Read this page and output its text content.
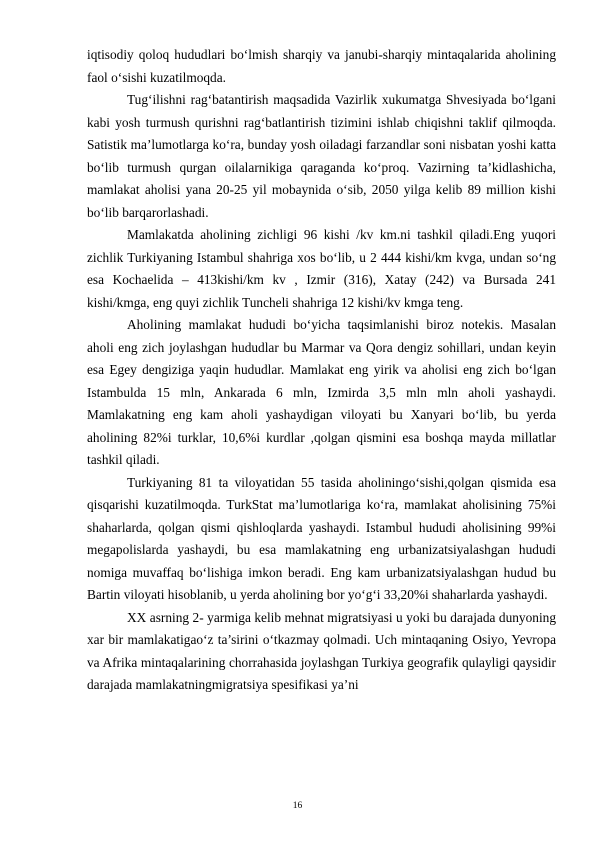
iqtisodiy qoloq hududlari bo‘lmish sharqiy va janubi-sharqiy mintaqalarida aholining faol o‘sishi kuzatilmoqda.

Tug‘ilishni rag‘batantirish maqsadida Vazirlik xukumatga Shvesiyada bo‘lgani kabi yosh turmush qurishni rag‘batlantirish tizimini ishlab chiqishni taklif qilmoqda. Satistik ma’lumotlarga ko‘ra, bunday yosh oiladagi farzandlar soni nisbatan yoshi katta bo‘lib turmush qurgan oilalarnikiga qaraganda ko‘proq. Vazirning ta’kidlashicha, mamlakat aholisi yana 20-25 yil mobaynida o‘sib, 2050 yilga kelib 89 million kishi bo‘lib barqarorlashadi.

Mamlakatda aholining zichligi 96 kishi /kv km.ni tashkil qiladi.Eng yuqori zichlik Turkiyaning Istambul shahriga xos bo‘lib, u 2 444 kishi/km kvga, undan so‘ng esa Kochaelida – 413kishi/km kv , Izmir (316), Xatay (242) va Bursada 241 kishi/kmga, eng quyi zichlik Tuncheli shahriga 12 kishi/kv kmga teng.

Aholining mamlakat hududi bo‘yicha taqsimlanishi biroz notekis. Masalan aholi eng zich joylashgan hududlar bu Marmar va Qora dengiz sohillari, undan keyin esa Egey dengiziga yaqin hududlar. Mamlakat eng yirik va aholisi eng zich bo‘lgan Istambulda 15 mln, Ankarada 6 mln, Izmirda 3,5 mln mln aholi yashaydi. Mamlakatning eng kam aholi yashaydigan viloyati bu Xanyari bo‘lib, bu yerda aholining 82%i turklar, 10,6%i kurdlar ,qolgan qismini esa boshqa mayda millatlar tashkil qiladi.

Turkiyaning 81 ta viloyatidan 55 tasida aholiningo‘sishi,qolgan qismida esa qisqarishi kuzatilmoqda. TurkStat ma’lumotlariga ko‘ra, mamlakat aholisining 75%i shaharlarda, qolgan qismi qishloqlarda yashaydi. Istambul hududi aholisining 99%i megapolislarda yashaydi, bu esa mamlakatning eng urbanizatsiyalashgan hududi nomiga muvaffaq bo‘lishiga imkon beradi. Eng kam urbanizatsiyalashgan hudud bu Bartin viloyati hisoblanib, u yerda aholining bor yo‘g‘i 33,20%i shaharlarda yashaydi.

XX asrning 2- yarmiga kelib mehnat migratsiyasi u yoki bu darajada dunyoning xar bir mamlakatigao‘z ta’sirini o‘tkazmay qolmadi. Uch mintaqaning Osiyo, Yevropa va Afrika mintaqalarining chorrahasida joylashgan Turkiya geografik qulayligi qaysidir darajada mamlakatningmigratsiya spesifikasi ya’ni

16
